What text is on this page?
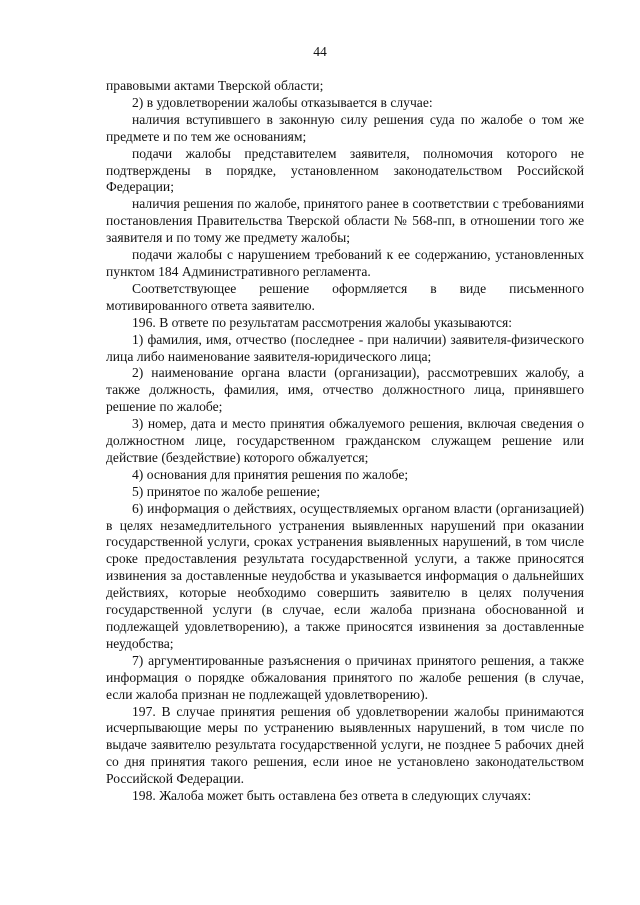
44

правовыми актами Тверской области;

2) в удовлетворении жалобы отказывается в случае:

наличия вступившего в законную силу решения суда по жалобе о том же предмете и по тем же основаниям;

подачи жалобы представителем заявителя, полномочия которого не подтверждены в порядке, установленном законодательством Российской Федерации;

наличия решения по жалобе, принятого ранее в соответствии с требованиями постановления Правительства Тверской области № 568-пп, в отношении того же заявителя и по тому же предмету жалобы;

подачи жалобы с нарушением требований к ее содержанию, установленных пунктом 184 Административного регламента.

Соответствующее решение оформляется в виде письменного мотивированного ответа заявителю.

196. В ответе по результатам рассмотрения жалобы указываются:

1) фамилия, имя, отчество (последнее - при наличии) заявителя-физического лица либо наименование заявителя-юридического лица;

2) наименование органа власти (организации), рассмотревших жалобу, а также должность, фамилия, имя, отчество должностного лица, принявшего решение по жалобе;

3) номер, дата и место принятия обжалуемого решения, включая сведения о должностном лице, государственном гражданском служащем решение или действие (бездействие) которого обжалуется;

4) основания для принятия решения по жалобе;

5) принятое по жалобе решение;

6) информация о действиях, осуществляемых органом власти (организацией) в целях незамедлительного устранения выявленных нарушений при оказании государственной услуги, сроках устранения выявленных нарушений, в том числе сроке предоставления результата государственной услуги, а также приносятся извинения за доставленные неудобства и указывается информация о дальнейших действиях, которые необходимо совершить заявителю в целях получения государственной услуги (в случае, если жалоба признана обоснованной и подлежащей удовлетворению), а также приносятся извинения за доставленные неудобства;

7) аргументированные разъяснения о причинах принятого решения, а также информация о порядке обжалования принятого по жалобе решения (в случае, если жалоба признан не подлежащей удовлетворению).

197. В случае принятия решения об удовлетворении жалобы принимаются исчерпывающие меры по устранению выявленных нарушений, в том числе по выдаче заявителю результата государственной услуги, не позднее 5 рабочих дней со дня принятия такого решения, если иное не установлено законодательством Российской Федерации.

198. Жалоба может быть оставлена без ответа в следующих случаях:
